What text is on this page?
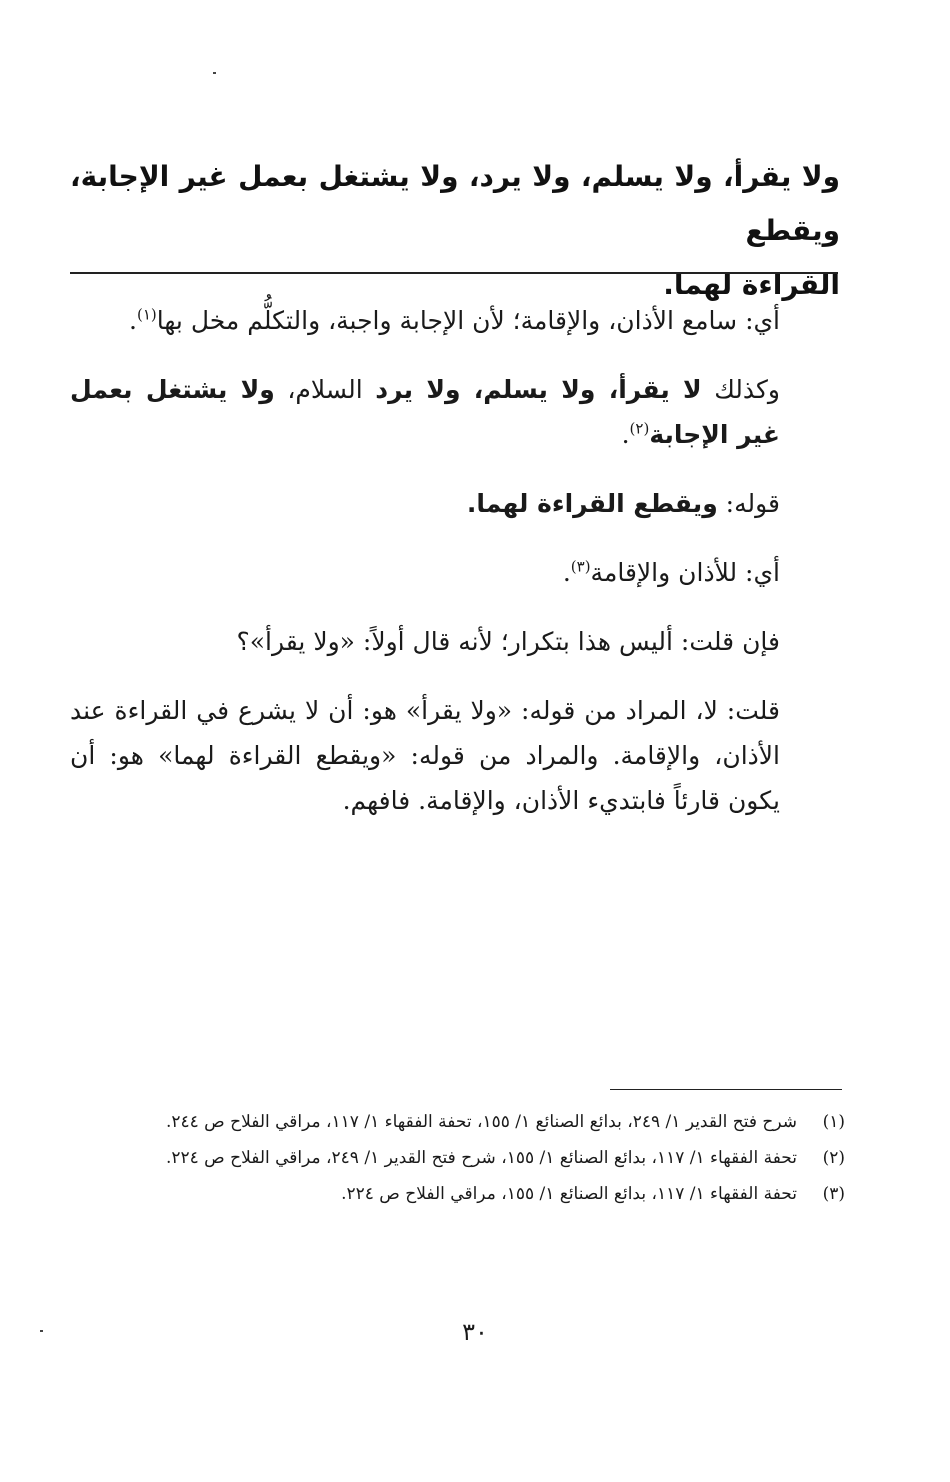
ولا يقرأ، ولا يسلم، ولا يرد، ولا يشتغل بعمل غير الإجابة، ويقطع
القراءة لهما.

أي: سامع الأذان، والإقامة؛ لأن الإجابة واجبة، والتكلُّم مخل بها$^{(١)}$.

وكذلك لا يقرأ، ولا يسلم، ولا يرد السلام، ولا يشتغل بعمل غير الإجابة$^{(٢)}$.

قوله: ويقطع القراءة لهما.

أي: للأذان والإقامة$^{(٣)}$.

فإن قلت: أليس هذا بتكرار؛ لأنه قال أولاً: «ولا يقرأ»؟

قلت: لا، المراد من قوله: «ولا يقرأ» هو: أن لا يشرع في القراءة عند الأذان، والإقامة. والمراد من قوله: «ويقطع القراءة لهما» هو: أن يكون قارئاً فابتديء الأذان، والإقامة. فافهم.

(١)
شرح فتح القدير ١/ ٢٤٩، بدائع الصنائع ١/ ١٥٥، تحفة الفقهاء ١/ ١١٧، مراقي الفلاح ص ٢٤٤.
(٢)
تحفة الفقهاء ١/ ١١٧، بدائع الصنائع ١/ ١٥٥، شرح فتح القدير ١/ ٢٤٩، مراقي الفلاح ص ٢٢٤.
(٣)
تحفة الفقهاء ١/ ١١٧، بدائع الصنائع ١/ ١٥٥، مراقي الفلاح ص ٢٢٤.
٣٠
